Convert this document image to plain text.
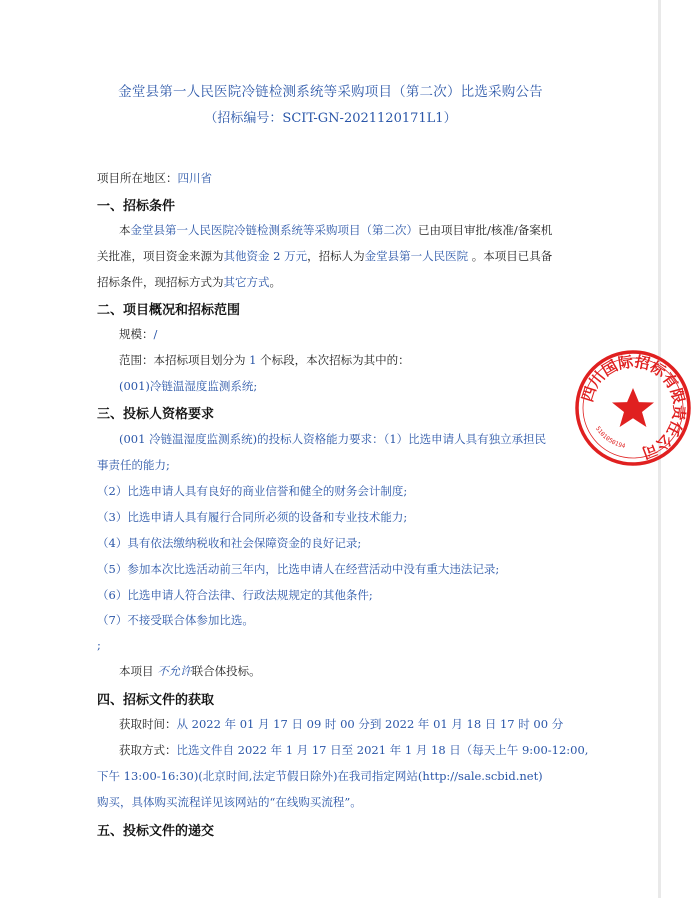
金堂县第一人民医院冷链检测系统等采购项目（第二次）比选采购公告
（招标编号：SCIT-GN-2021120171L1）
项目所在地区：四川省
一、招标条件
本金堂县第一人民医院冷链检测系统等采购项目（第二次）已由项目审批/核准/备案机
关批准，项目资金来源为其他资金 2 万元，招标人为金堂县第一人民医院 。本项目已具备
招标条件，现招标方式为其它方式。
二、项目概况和招标范围
规模：/
范围：本招标项目划分为 1 个标段，本次招标为其中的：
(001)冷链温湿度监测系统;
三、投标人资格要求
(001 冷链温湿度监测系统)的投标人资格能力要求：（1）比选申请人具有独立承担民
事责任的能力;
（2）比选申请人具有良好的商业信誉和健全的财务会计制度;
（3）比选申请人具有履行合同所必须的设备和专业技术能力;
（4）具有依法缴纳税收和社会保障资金的良好记录;
（5）参加本次比选活动前三年内，比选申请人在经营活动中没有重大违法记录;
（6）比选申请人符合法律、行政法规规定的其他条件;
（7）不接受联合体参加比选。
;
本项目 不允许联合体投标。
四、招标文件的获取
获取时间：从 2022 年 01 月 17 日 09 时 00 分到 2022 年 01 月 18 日 17 时 00 分
获取方式：比选文件自 2022 年 1 月 17 日至 2021 年 1 月 18 日（每天上午 9:00-12:00,
下午 13:00-16:30)(北京时间,法定节假日除外)在我司指定网站(http://sale.scbid.net)
购买，具体购买流程详见该网站的“在线购买流程”。
五、投标文件的递交
四川国际招标有限责任公司
5101050194
